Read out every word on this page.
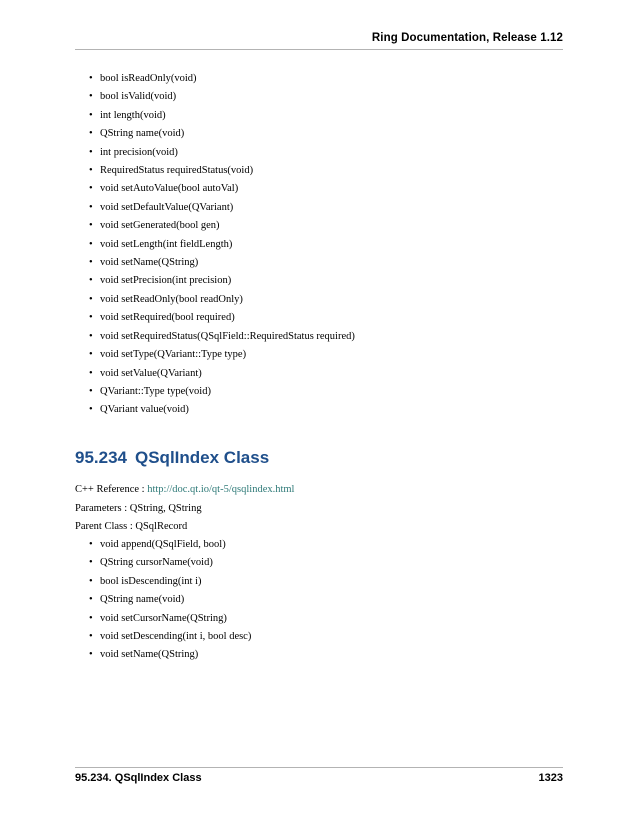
Ring Documentation, Release 1.12
• bool isReadOnly(void)
• bool isValid(void)
• int length(void)
• QString name(void)
• int precision(void)
• RequiredStatus requiredStatus(void)
• void setAutoValue(bool autoVal)
• void setDefaultValue(QVariant)
• void setGenerated(bool gen)
• void setLength(int fieldLength)
• void setName(QString)
• void setPrecision(int precision)
• void setReadOnly(bool readOnly)
• void setRequired(bool required)
• void setRequiredStatus(QSqlField::RequiredStatus required)
• void setType(QVariant::Type type)
• void setValue(QVariant)
• QVariant::Type type(void)
• QVariant value(void)
95.234 QSqlIndex Class
C++ Reference : http://doc.qt.io/qt-5/qsqlindex.html
Parameters : QString, QString
Parent Class : QSqlRecord
• void append(QSqlField, bool)
• QString cursorName(void)
• bool isDescending(int i)
• QString name(void)
• void setCursorName(QString)
• void setDescending(int i, bool desc)
• void setName(QString)
95.234. QSqlIndex Class	1323
